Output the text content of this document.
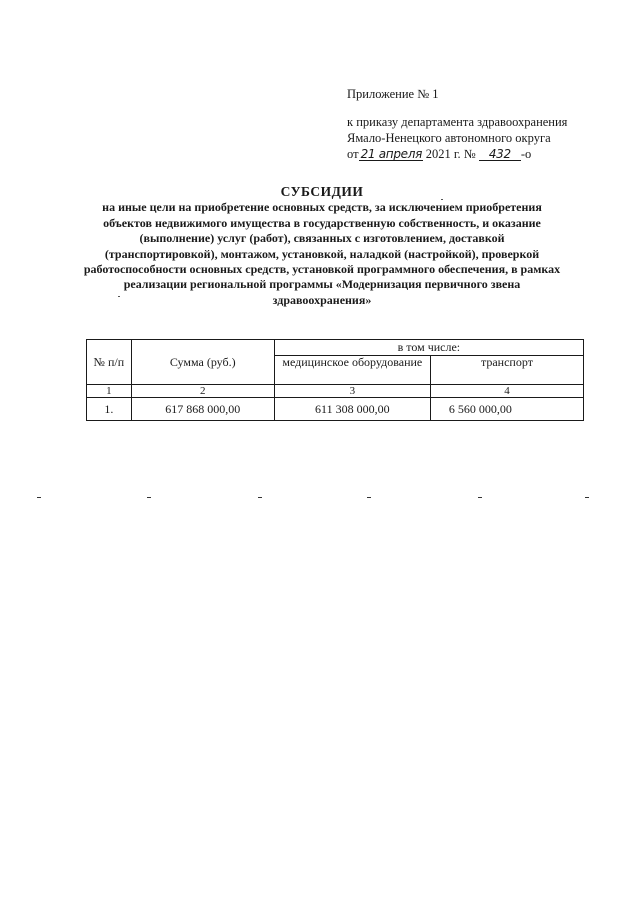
Приложение № 1
к приказу департамента здравоохранения
Ямало-Ненецкого автономного округа
от 21 апреля 2021 г. № 432 -о
СУБСИДИИ
на иные цели на приобретение основных средств, за исключением приобретения
объектов недвижимого имущества в государственную собственность, и оказание
(выполнение) услуг (работ), связанных с изготовлением, доставкой
(транспортировкой), монтажом, установкой, наладкой (настройкой), проверкой
работоспособности основных средств, установкой программного обеспечения, в рамках
реализации региональной программы «Модернизация первичного звена
здравоохранения»
№ п/п	Сумма (руб.)	в том числе:	
		медицинское оборудование	транспорт
1	2	3	4
1.	617 868 000,00	611 308 000,00	6 560 000,00
